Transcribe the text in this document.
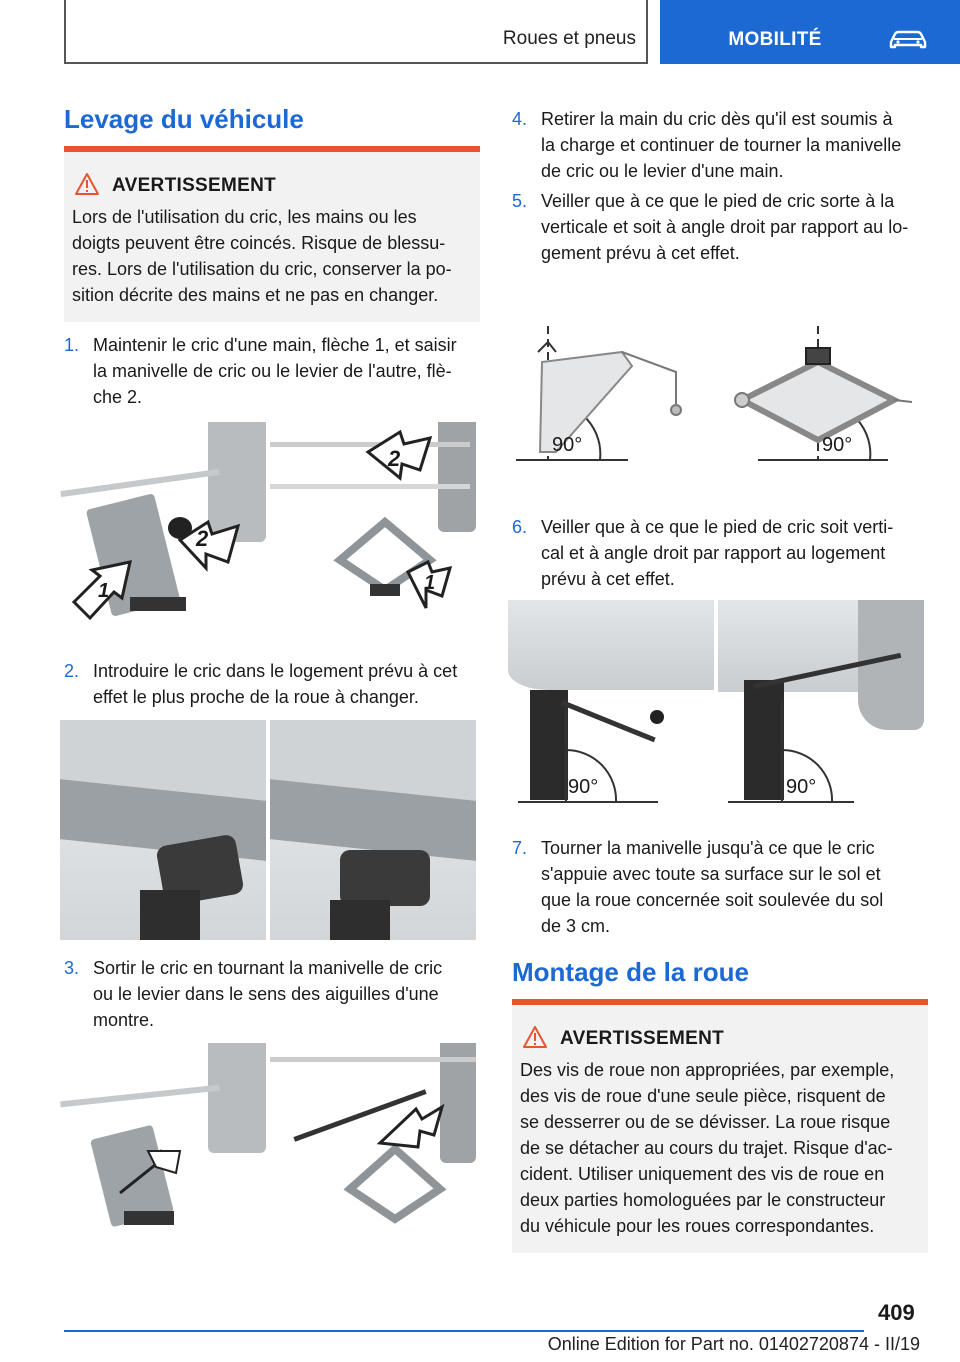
Roues et pneus	MOBILITÉ
Levage du véhicule
AVERTISSEMENT
Lors de l'utilisation du cric, les mains ou les
doigts peuvent être coincés. Risque de blessu‐
res. Lors de l'utilisation du cric, conserver la po‐
sition décrite des mains et ne pas en changer.
1. Maintenir le cric d'une main, flèche 1, et saisir
la manivelle de cric ou le levier de l'autre, flè‐
che 2.
2
1
2
1
2. Introduire le cric dans le logement prévu à cet
effet le plus proche de la roue à changer.
3. Sortir le cric en tournant la manivelle de cric
ou le levier dans le sens des aiguilles d'une
montre.
4. Retirer la main du cric dès qu'il est soumis à
la charge et continuer de tourner la manivelle
de cric ou le levier d'une main.
5. Veiller que à ce que le pied de cric sorte à la
verticale et soit à angle droit par rapport au lo‐
gement prévu à cet effet.
90°	90°
6. Veiller que à ce que le pied de cric soit verti‐
cal et à angle droit par rapport au logement
prévu à cet effet.
90°	90°
7. Tourner la manivelle jusqu'à ce que le cric
s'appuie avec toute sa surface sur le sol et
que la roue concernée soit soulevée du sol
de 3 cm.
Montage de la roue
AVERTISSEMENT
Des vis de roue non appropriées, par exemple,
des vis de roue d'une seule pièce, risquent de
se desserrer ou de se dévisser. La roue risque
de se détacher au cours du trajet. Risque d'ac‐
cident. Utiliser uniquement des vis de roue en
deux parties homologuées par le constructeur
du véhicule pour les roues correspondantes.
409
Online Edition for Part no. 01402720874 - II/19
